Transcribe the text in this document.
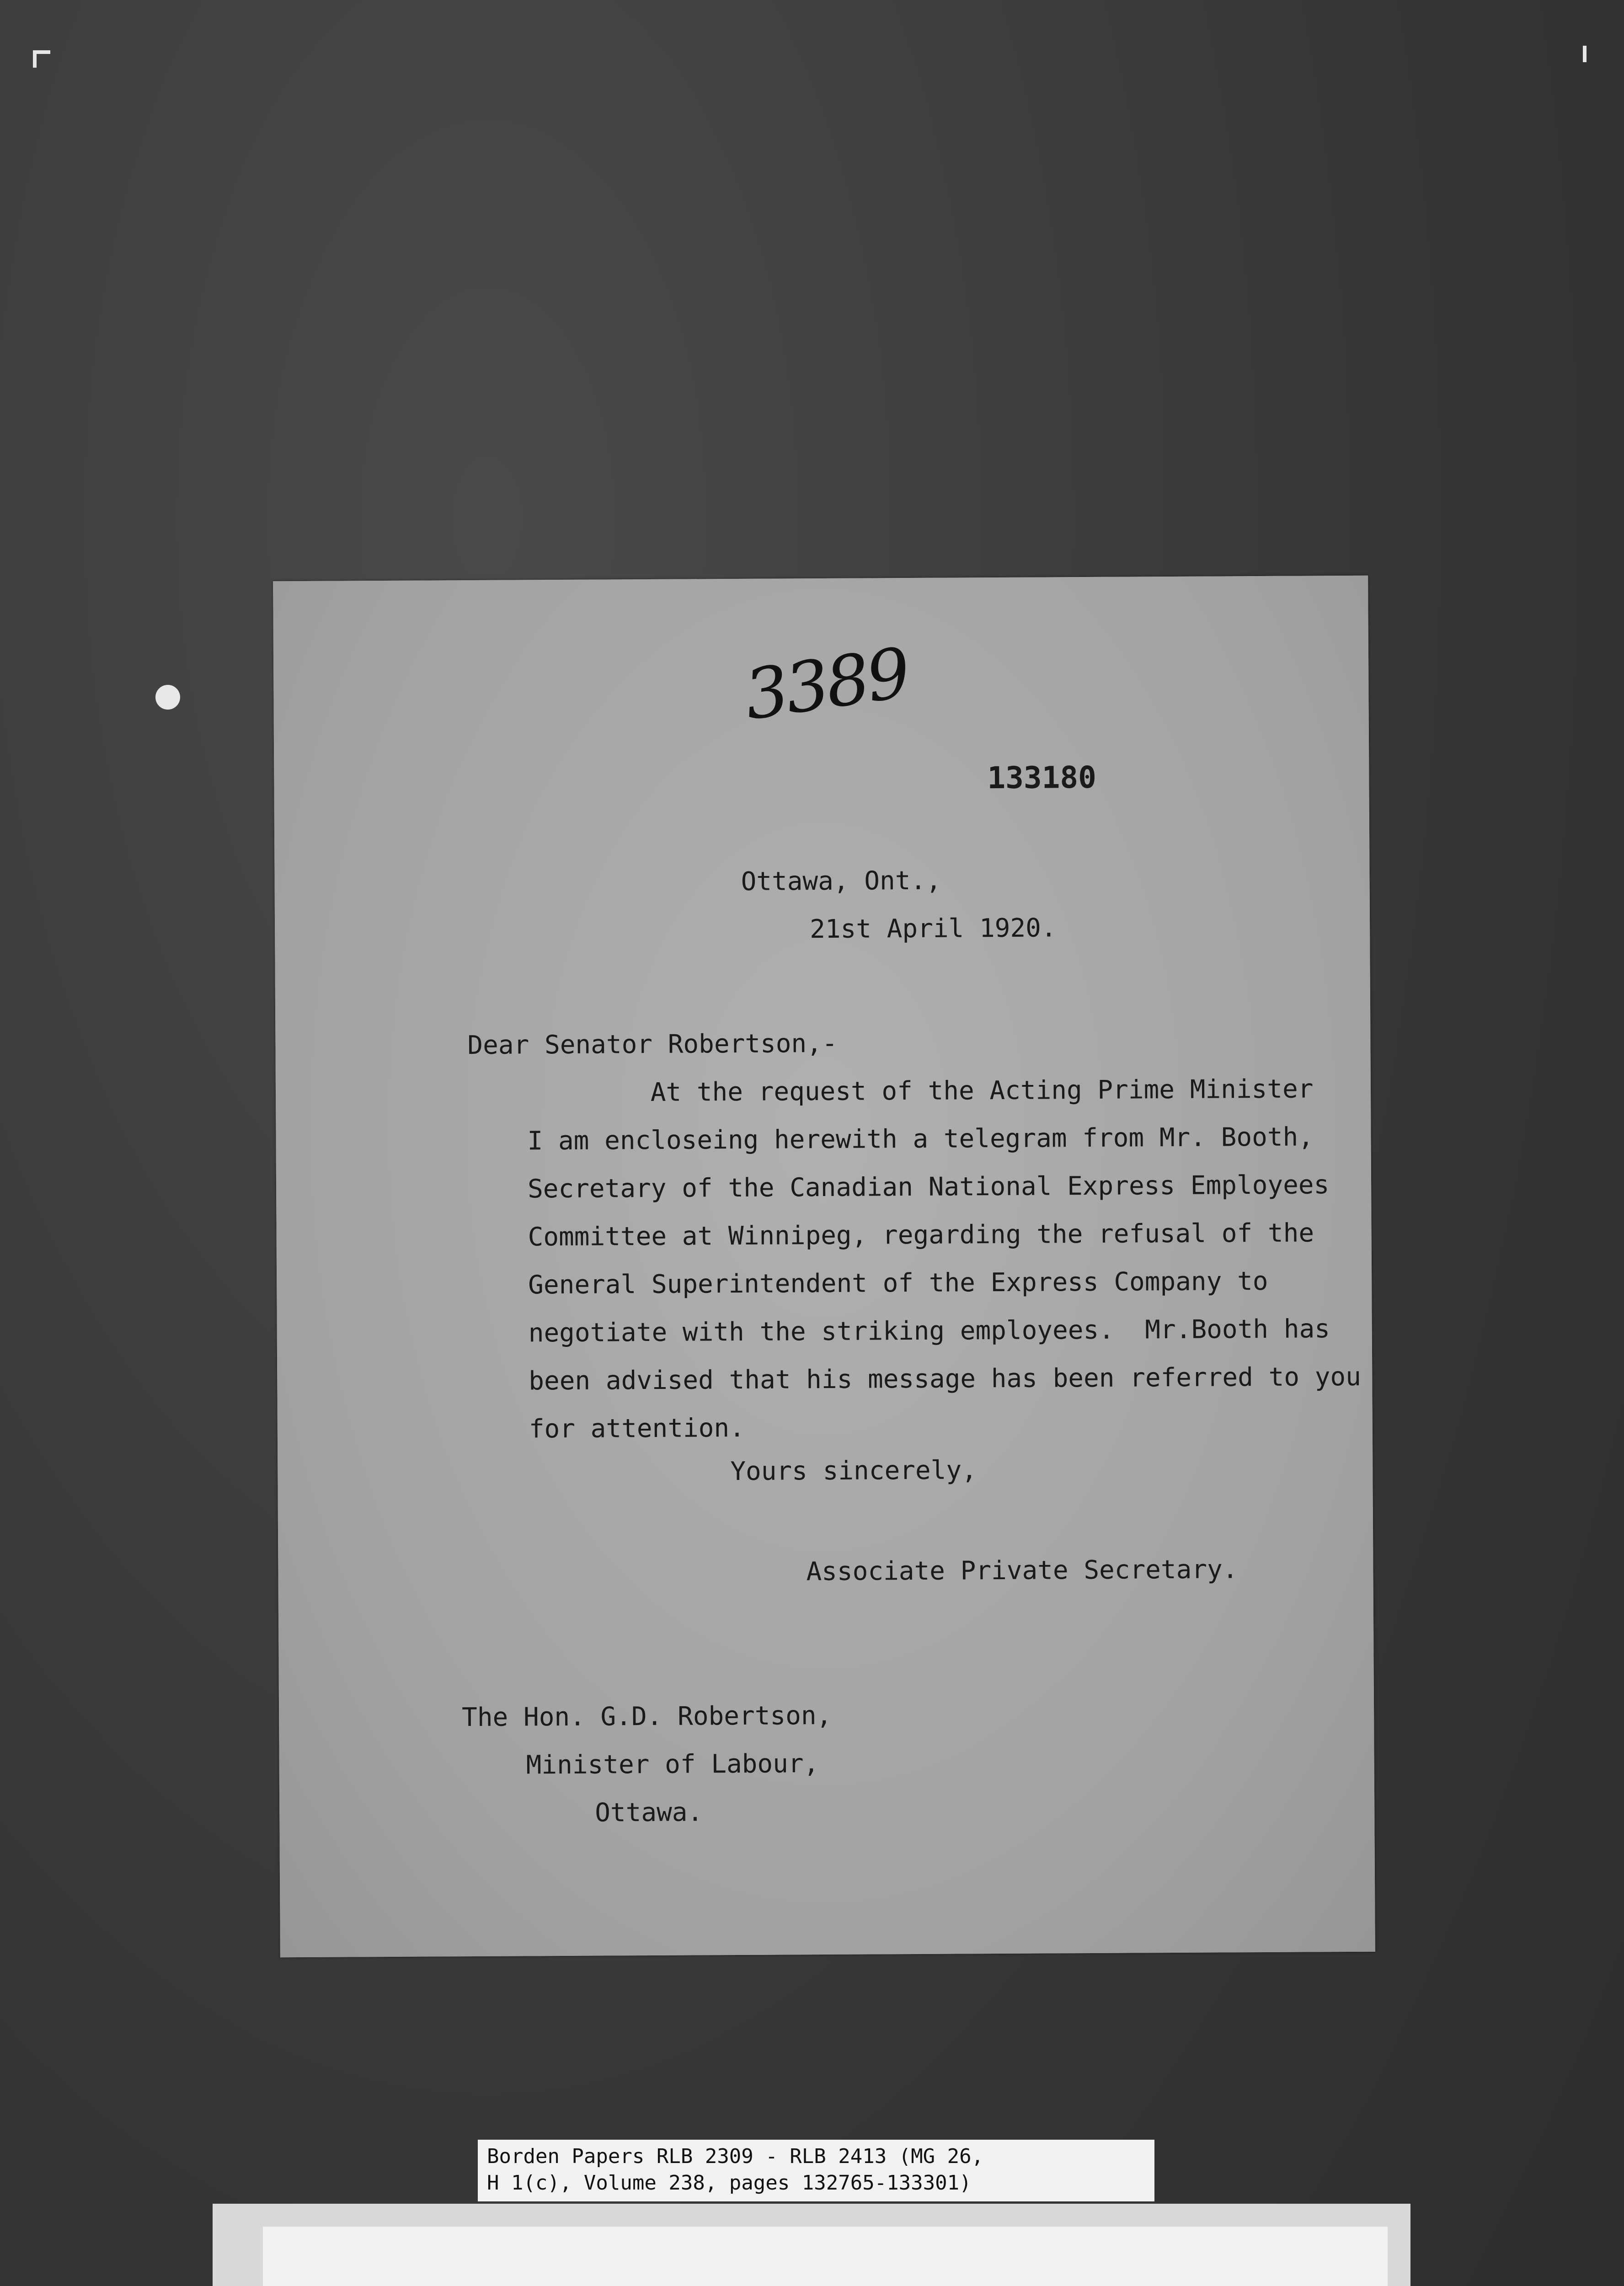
3389
133180
Ottawa, Ont.,
21st April 1920.
Dear Senator Robertson,-
At the request of the Acting Prime Minister
I am encloseing herewith a telegram from Mr. Booth,
Secretary of the Canadian National Express Employees
Committee at Winnipeg, regarding the refusal of the
General Superintendent of the Express Company to
negotiate with the striking employees.  Mr.Booth has
been advised that his message has been referred to you
for attention.
Yours sincerely,
Associate Private Secretary.
The Hon. G.D. Robertson,
Minister of Labour,
Ottawa.
Borden Papers RLB 2309 - RLB 2413 (MG 26,
H 1(c), Volume 238, pages 132765-133301)
